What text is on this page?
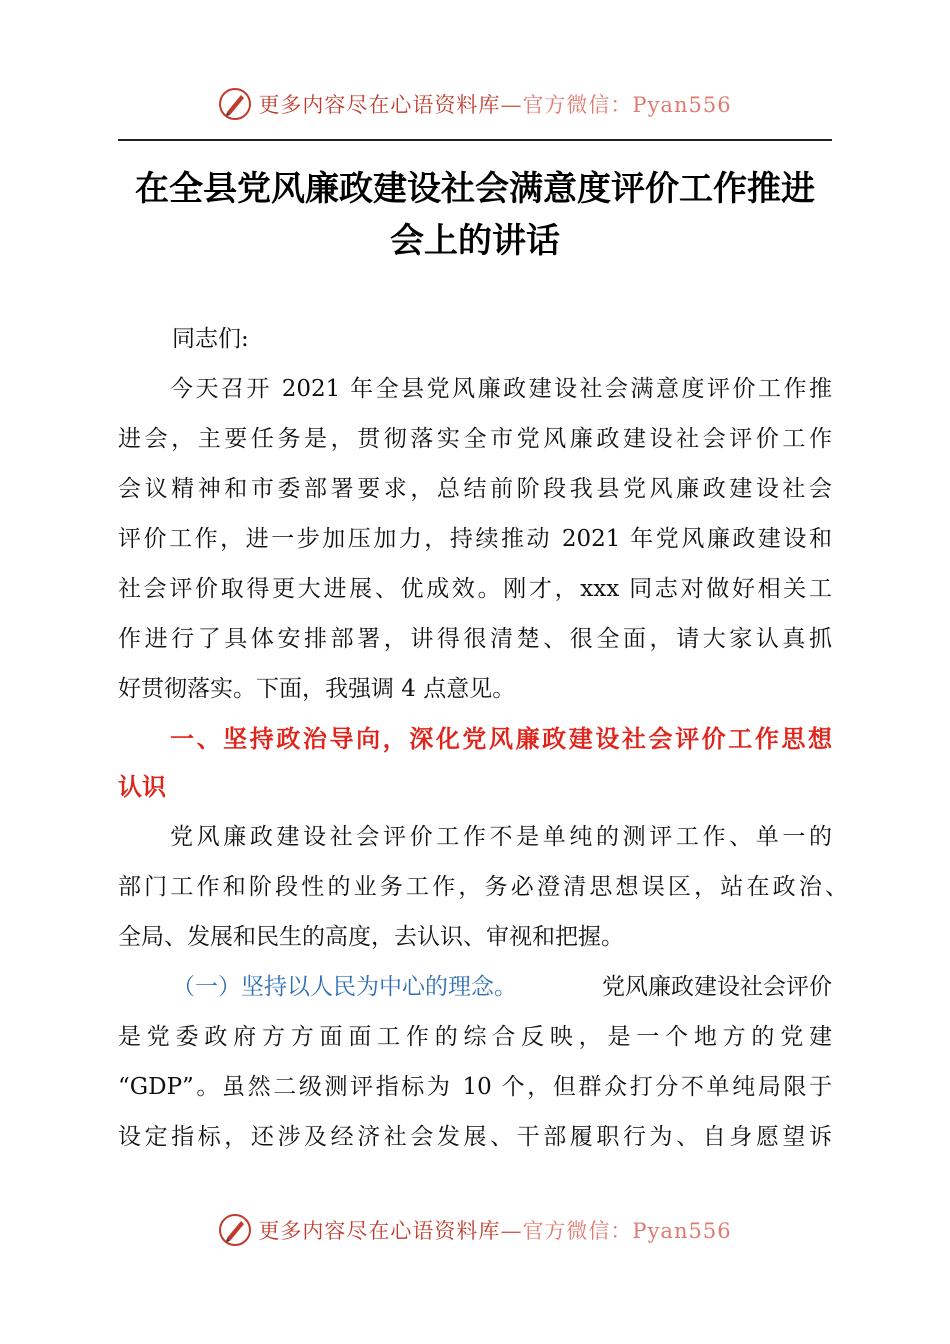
更多内容尽在心语资料库—官方微信：Pyan556
在全县党风廉政建设社会满意度评价工作推进
会上的讲话
同志们:
今天召开 2021 年全县党风廉政建设社会满意度评价工作推
进会，主要任务是，贯彻落实全市党风廉政建设社会评价工作
会议精神和市委部署要求，总结前阶段我县党风廉政建设社会
评价工作，进一步加压加力，持续推动 2021 年党风廉政建设和
社会评价取得更大进展、优成效。刚才，xxx 同志对做好相关工
作进行了具体安排部署，讲得很清楚、很全面，请大家认真抓
好贯彻落实。下面，我强调 4 点意见。
一、坚持政治导向，深化党风廉政建设社会评价工作思想
认识
党风廉政建设社会评价工作不是单纯的测评工作、单一的
部门工作和阶段性的业务工作，务必澄清思想误区，站在政治、
全局、发展和民生的高度，去认识、审视和把握。
（一）坚持以人民为中心的理念。	党风廉政建设社会评价
是党委政府方方面面工作的综合反映，是一个地方的党建
“GDP”。虽然二级测评指标为 10 个，但群众打分不单纯局限于
设定指标，还涉及经济社会发展、干部履职行为、自身愿望诉
更多内容尽在心语资料库—官方微信：Pyan556
